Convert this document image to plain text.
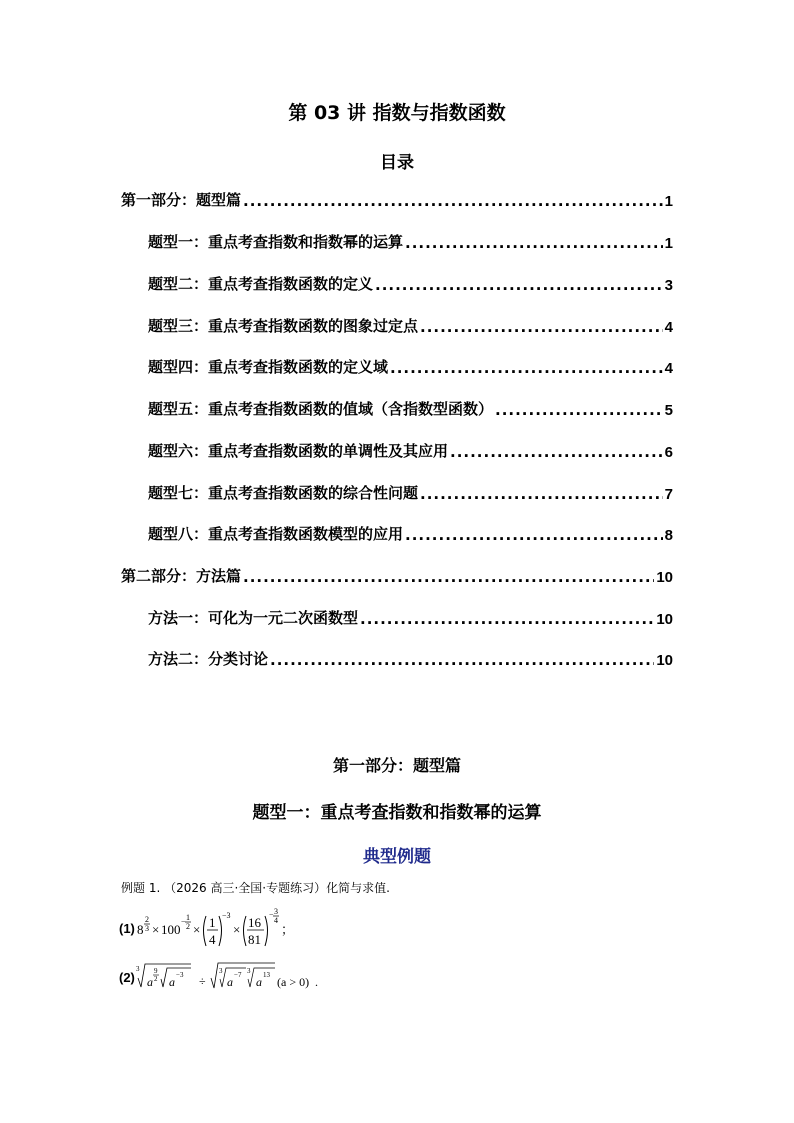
第 03 讲 指数与指数函数
目录
第一部分：题型篇 .....	1
题型一：重点考查指数和指数幂的运算 .....	1
题型二：重点考查指数函数的定义 .....	3
题型三：重点考查指数函数的图象过定点 .....	4
题型四：重点考查指数函数的定义域 .....	4
题型五：重点考查指数函数的值域（含指数型函数） .....	5
题型六：重点考查指数函数的单调性及其应用 .....	6
题型七：重点考查指数函数的综合性问题 .....	7
题型八：重点考查指数函数模型的应用 .....	8
第二部分：方法篇 .....	10
方法一：可化为一元二次函数型 .....	10
方法二：分类讨论 .....	10
第一部分：题型篇
题型一：重点考查指数和指数幂的运算
典型例题
例题 1. （2026 高三·全国·专题练习）化简与求值.
(1) 8
2
3 × 100
− 1
2 × 1
4
−3
× 16
81
− 3
4
；
(2)
3
a
9
2 a −3 ÷
3
a −7 3
a 13 (a > 0) .
